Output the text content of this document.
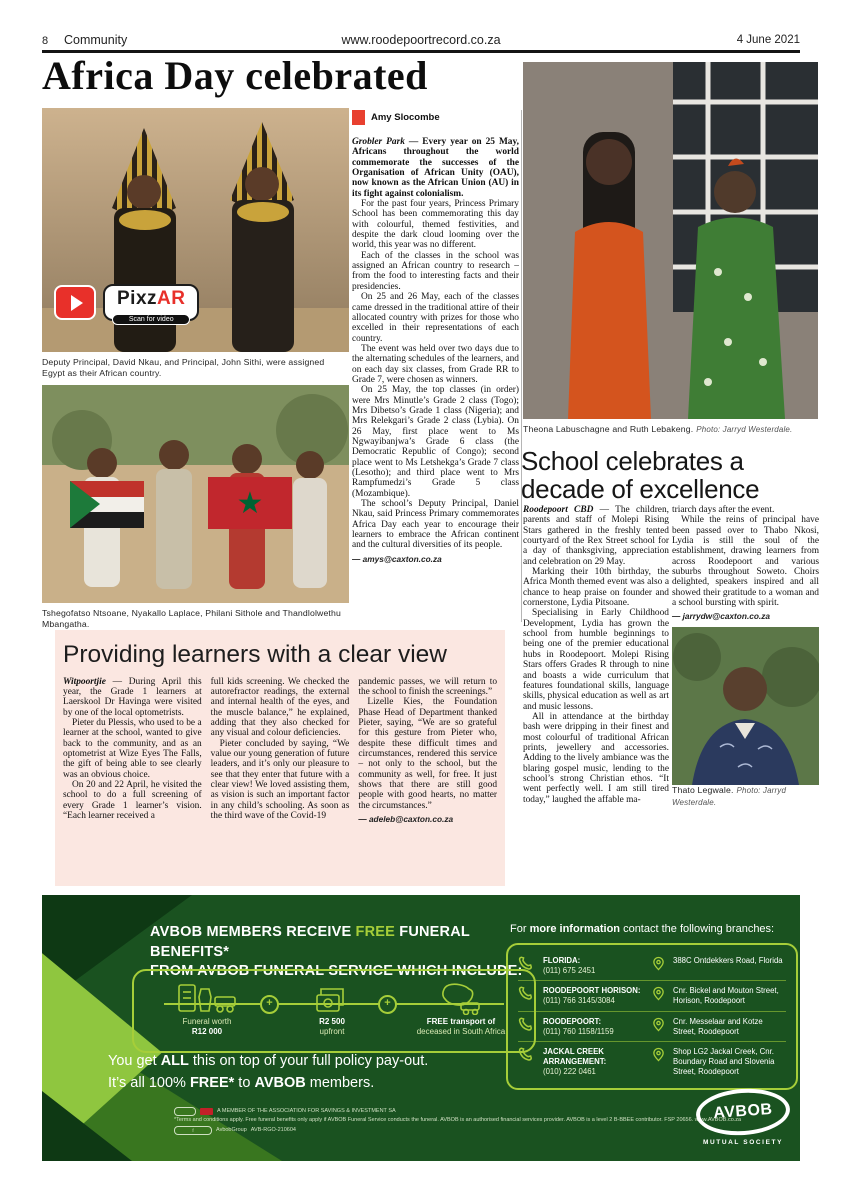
8 Community	www.roodepoortrecord.co.za	4 June 2021
Africa Day celebrated
PixzAR
Scan for video
Deputy Principal, David Nkau, and Principal, John Sithi, were assigned Egypt as their African country.
★
Tshegofatso Ntsoane, Nyakallo Laplace, Philani Sithole and Thandlolwethu Mbangatha.
Amy Slocombe

Grobler Park — Every year on 25 May, Africans throughout the world commemorate the successes of the Organisation of African Unity (OAU), now known as the African Union (AU) in its fight against colonialism.

For the past four years, Princess Primary School has been commemorating this day with colourful, themed festivities, and despite the dark cloud looming over the world, this year was no different.

Each of the classes in the school was assigned an African country to research – from the food to interesting facts and their presidencies.

On 25 and 26 May, each of the classes came dressed in the traditional attire of their allocated country with prizes for those who excelled in their representations of each country.

The event was held over two days due to the alternating schedules of the learners, and on each day six classes, from Grade RR to Grade 7, were chosen as winners.

On 25 May, the top classes (in order) were Mrs Minutle’s Grade 2 class (Togo); Mrs Dibetso’s Grade 1 class (Nigeria); and Mrs Relekgari’s Grade 2 class (Lybia). On 26 May, first place went to Ms Ngwayibanjwa’s Grade 6 class (the Democratic Republic of Congo); second place went to Ms Letshekga’s Grade 7 class (Lesotho); and third place went to Mrs Rampfumedzi’s Grade 5 class (Mozambique).

The school’s Deputy Principal, Daniel Nkau, said Princess Primary commemorates Africa Day each year to encourage their learners to embrace the African continent and the cultural diversities of its people.

— amys@caxton.co.za
Theona Labuschagne and Ruth Lebakeng. Photo: Jarryd Westerdale.
School celebrates a decade of excellence

Roodepoort CBD — The children, parents and staff of Molepi Rising Stars gathered in the freshly tented courtyard of the Rex Street school for a day of thanksgiving, appreciation and celebration on 29 May.

Marking their 10th birthday, the Africa Month themed event was also a chance to heap praise on founder and cornerstone, Lydia Pitsoane.

Specialising in Early Childhood Development, Lydia has grown the school from humble beginnings to being one of the premier educational hubs in Roodepoort. Molepi Rising Stars offers Grades R through to nine and boasts a wide curriculum that features foundational skills, language skills, physical education as well as art and music lessons.

All in attendance at the birthday bash were dripping in their finest and most colourful of traditional African prints, jewellery and accessories. Adding to the lively ambiance was the blaring gospel music, lending to the school’s strong Christian ethos. “It went perfectly well. I am still tired today,” laughed the affable ma-

triarch days after the event.

While the reins of principal have been passed over to Thabo Nkosi, Lydia is still the soul of the establishment, drawing learners from across Roodepoort and various suburbs throughout Soweto. Choirs delighted, speakers inspired and all showed their gratitude to a woman and a school bursting with spirit.

— jarrydw@caxton.co.za
Thato Legwale. Photo: Jarryd Westerdale.
Providing learners with a clear view

Witpoortjie — During April this year, the Grade 1 learners at Laerskool Dr Havinga were visited by one of the local optometrists.

Pieter du Plessis, who used to be a learner at the school, wanted to give back to the community, and as an optometrist at Wize Eyes The Falls, the gift of being able to see clearly was an obvious choice.

On 20 and 22 April, he visited the school to do a full screening of every Grade 1 learner’s vision. “Each learner received a

full kids screening. We checked the autorefractor readings, the external and internal health of the eyes, and the muscle balance,” he explained, adding that they also checked for any visual and colour deficiencies.

Pieter concluded by saying, “We value our young generation of future leaders, and it’s only our pleasure to see that they enter that future with a clear view! We loved assisting them, as vision is such an important factor in any child’s schooling. As soon as the third wave of the Covid-19

pandemic passes, we will return to the school to finish the screenings.”

Lizelle Kies, the Foundation Phase Head of Department thanked Pieter, saying, “We are so grateful for this gesture from Pieter who, despite these difficult times and circumstances, rendered this service – not only to the school, but the community as well, for free. It just shows that there are still good people with good hearts, no matter the circumstances.”

— adeleb@caxton.co.za
AVBOB MEMBERS RECEIVE FREE FUNERAL BENEFITS*
FROM AVBOB FUNERAL SERVICE WHICH INCLUDE:
Funeral worth
R12 000
+
R2 500
upfront
+
FREE transport of
deceased in South Africa
You get ALL this on top of your full policy pay-out.
It’s all 100% FREE* to AVBOB members.
A MEMBER OF THE ASSOCIATION FOR SAVINGS & INVESTMENT SA
*Terms and conditions apply. Free funeral benefits only apply if AVBOB Funeral Service conducts the funeral. AVBOB is an authorised financial services provider. AVBOB is a level 2 B-BBEE contributor. FSP 20656. www.AVBOB.co.za
f	AvbobGroup AVB-RGO-210604
For more information contact the following branches:
FLORIDA:
(011) 675 2451
388C Ontdekkers Road, Florida
ROODEPOORT HORISON:
(011) 766 3145/3084
Cnr. Bickel and Mouton Street, Horison, Roodepoort
ROODEPOORT:
(011) 760 1158/1159
Cnr. Messelaar and Kotze Street, Roodepoort
JACKAL CREEK ARRANGEMENT:
(010) 222 0461
Shop LG2 Jackal Creek, Cnr. Boundary Road and Slovenia Street, Roodepoort
AVBOB
MUTUAL SOCIETY
